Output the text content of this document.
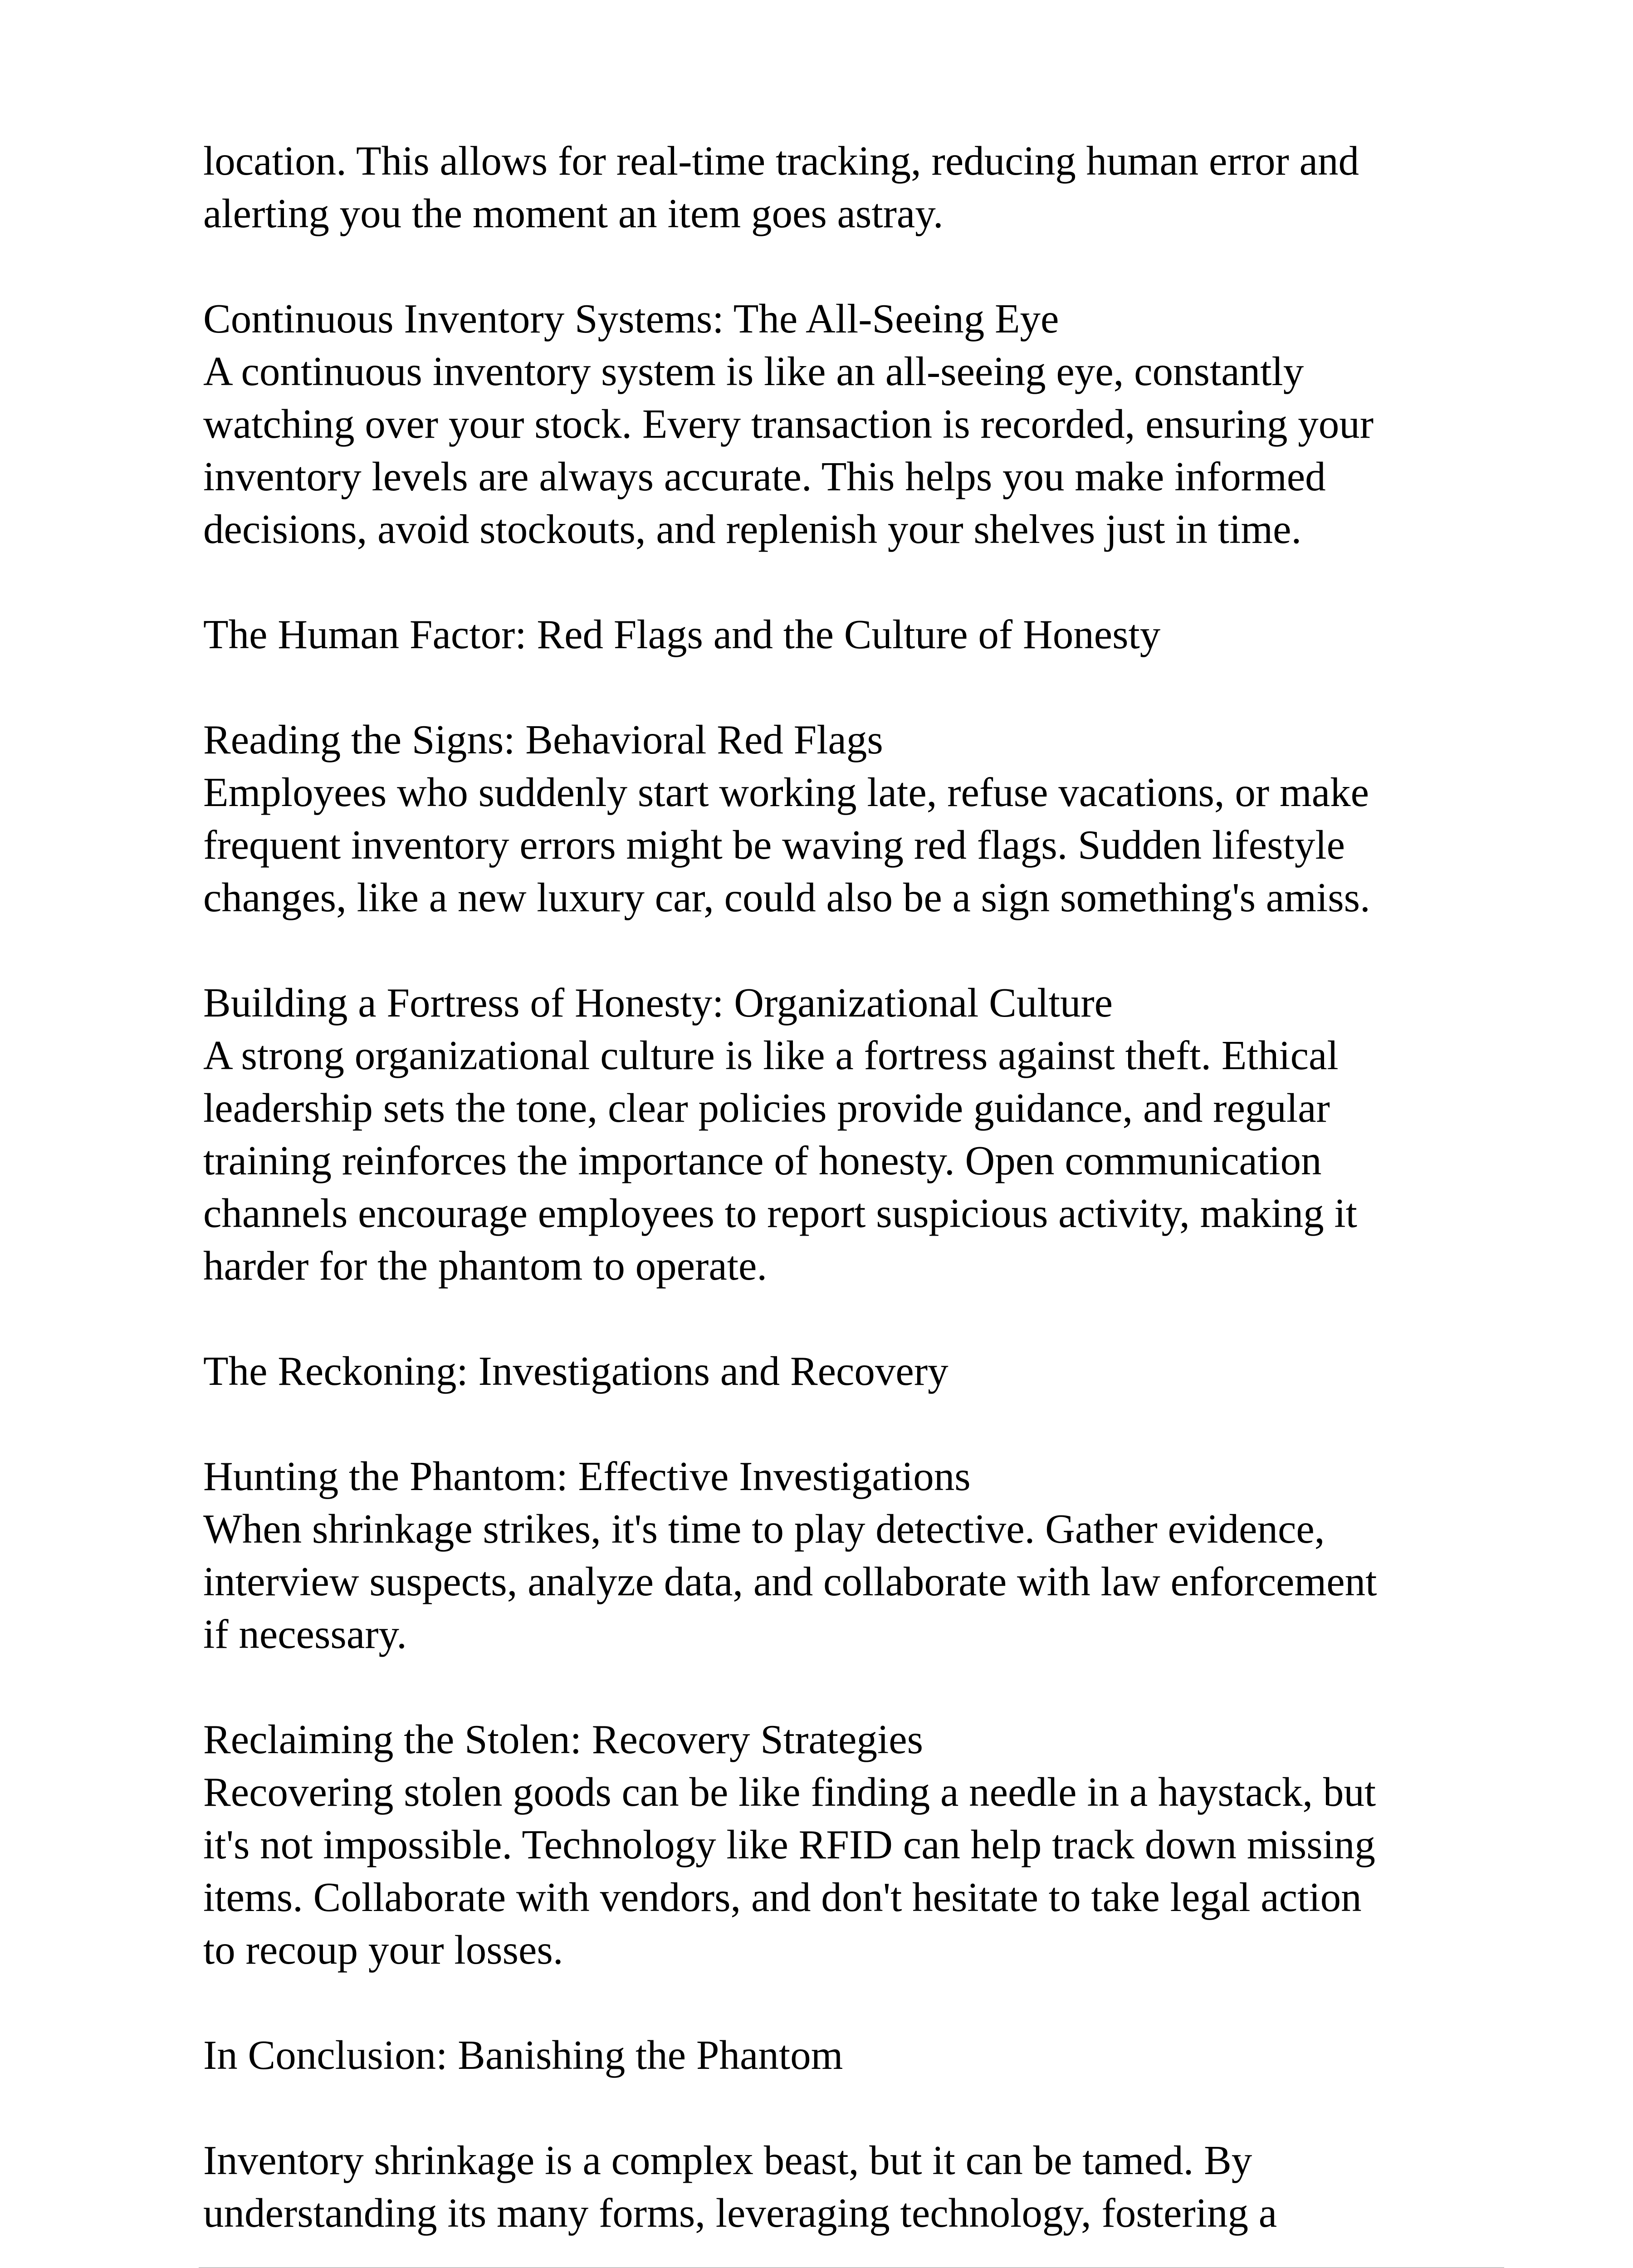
location. This allows for real-time tracking, reducing human error and
alerting you the moment an item goes astray.

Continuous Inventory Systems: The All-Seeing Eye
A continuous inventory system is like an all-seeing eye, constantly
watching over your stock. Every transaction is recorded, ensuring your
inventory levels are always accurate. This helps you make informed
decisions, avoid stockouts, and replenish your shelves just in time.

The Human Factor: Red Flags and the Culture of Honesty

Reading the Signs: Behavioral Red Flags
Employees who suddenly start working late, refuse vacations, or make
frequent inventory errors might be waving red flags. Sudden lifestyle
changes, like a new luxury car, could also be a sign something's amiss.

Building a Fortress of Honesty: Organizational Culture
A strong organizational culture is like a fortress against theft. Ethical
leadership sets the tone, clear policies provide guidance, and regular
training reinforces the importance of honesty. Open communication
channels encourage employees to report suspicious activity, making it
harder for the phantom to operate.

The Reckoning: Investigations and Recovery

Hunting the Phantom: Effective Investigations
When shrinkage strikes, it's time to play detective. Gather evidence,
interview suspects, analyze data, and collaborate with law enforcement
if necessary.

Reclaiming the Stolen: Recovery Strategies
Recovering stolen goods can be like finding a needle in a haystack, but
it's not impossible. Technology like RFID can help track down missing
items. Collaborate with vendors, and don't hesitate to take legal action
to recoup your losses.

In Conclusion: Banishing the Phantom

Inventory shrinkage is a complex beast, but it can be tamed. By
understanding its many forms, leveraging technology, fostering a
